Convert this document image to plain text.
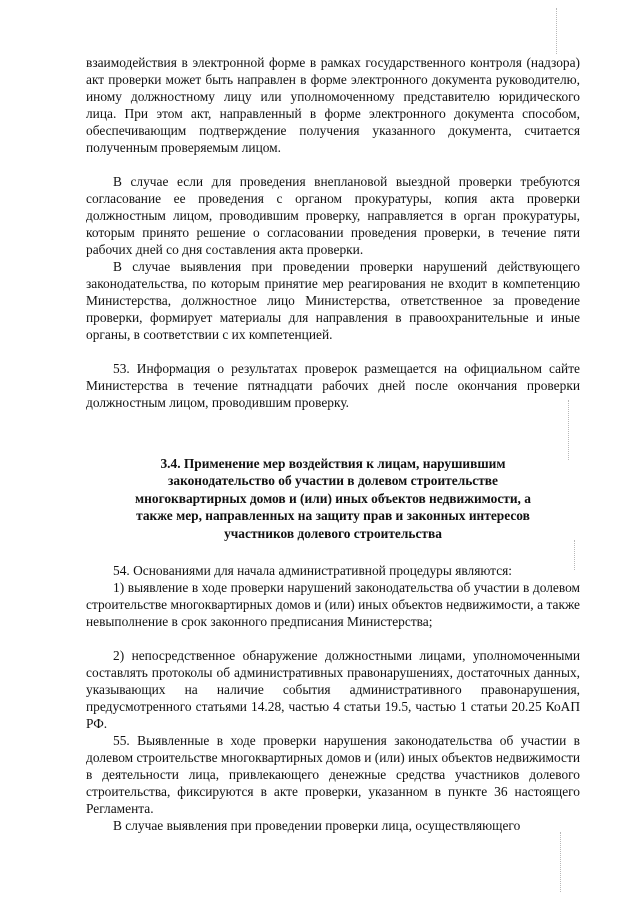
взаимодействия в электронной форме в рамках государственного контроля (надзора) акт проверки может быть направлен в форме электронного документа руководителю, иному должностному лицу или уполномоченному представителю юридического лица. При этом акт, направленный в форме электронного документа способом, обеспечивающим подтверждение получения указанного документа, считается полученным проверяемым лицом.

В случае если для проведения внеплановой выездной проверки требуются согласование ее проведения с органом прокуратуры, копия акта проверки должностным лицом, проводившим проверку, направляется в орган прокуратуры, которым принято решение о согласовании проведения проверки, в течение пяти рабочих дней со дня составления акта проверки.

В случае выявления при проведении проверки нарушений действующего законодательства, по которым принятие мер реагирования не входит в компетенцию Министерства, должностное лицо Министерства, ответственное за проведение проверки, формирует материалы для направления в правоохранительные и иные органы, в соответствии с их компетенцией.

53. Информация о результатах проверок размещается на официальном сайте Министерства в течение пятнадцати рабочих дней после окончания проверки должностным лицом, проводившим проверку.

3.4. Применение мер воздействия к лицам, нарушившим законодательство об участии в долевом строительстве многоквартирных домов и (или) иных объектов недвижимости, а также мер, направленных на защиту прав и законных интересов участников долевого строительства

54. Основаниями для начала административной процедуры являются:

1) выявление в ходе проверки нарушений законодательства об участии в долевом строительстве многоквартирных домов и (или) иных объектов недвижимости, а также невыполнение в срок законного предписания Министерства;

2) непосредственное обнаружение должностными лицами, уполномоченными составлять протоколы об административных правонарушениях, достаточных данных, указывающих на наличие события административного правонарушения, предусмотренного статьями 14.28, частью 4 статьи 19.5, частью 1 статьи 20.25 КоАП РФ.

55. Выявленные в ходе проверки нарушения законодательства об участии в долевом строительстве многоквартирных домов и (или) иных объектов недвижимости в деятельности лица, привлекающего денежные средства участников долевого строительства, фиксируются в акте проверки, указанном в пункте 36 настоящего Регламента.

В случае выявления при проведении проверки лица, осуществляющего
